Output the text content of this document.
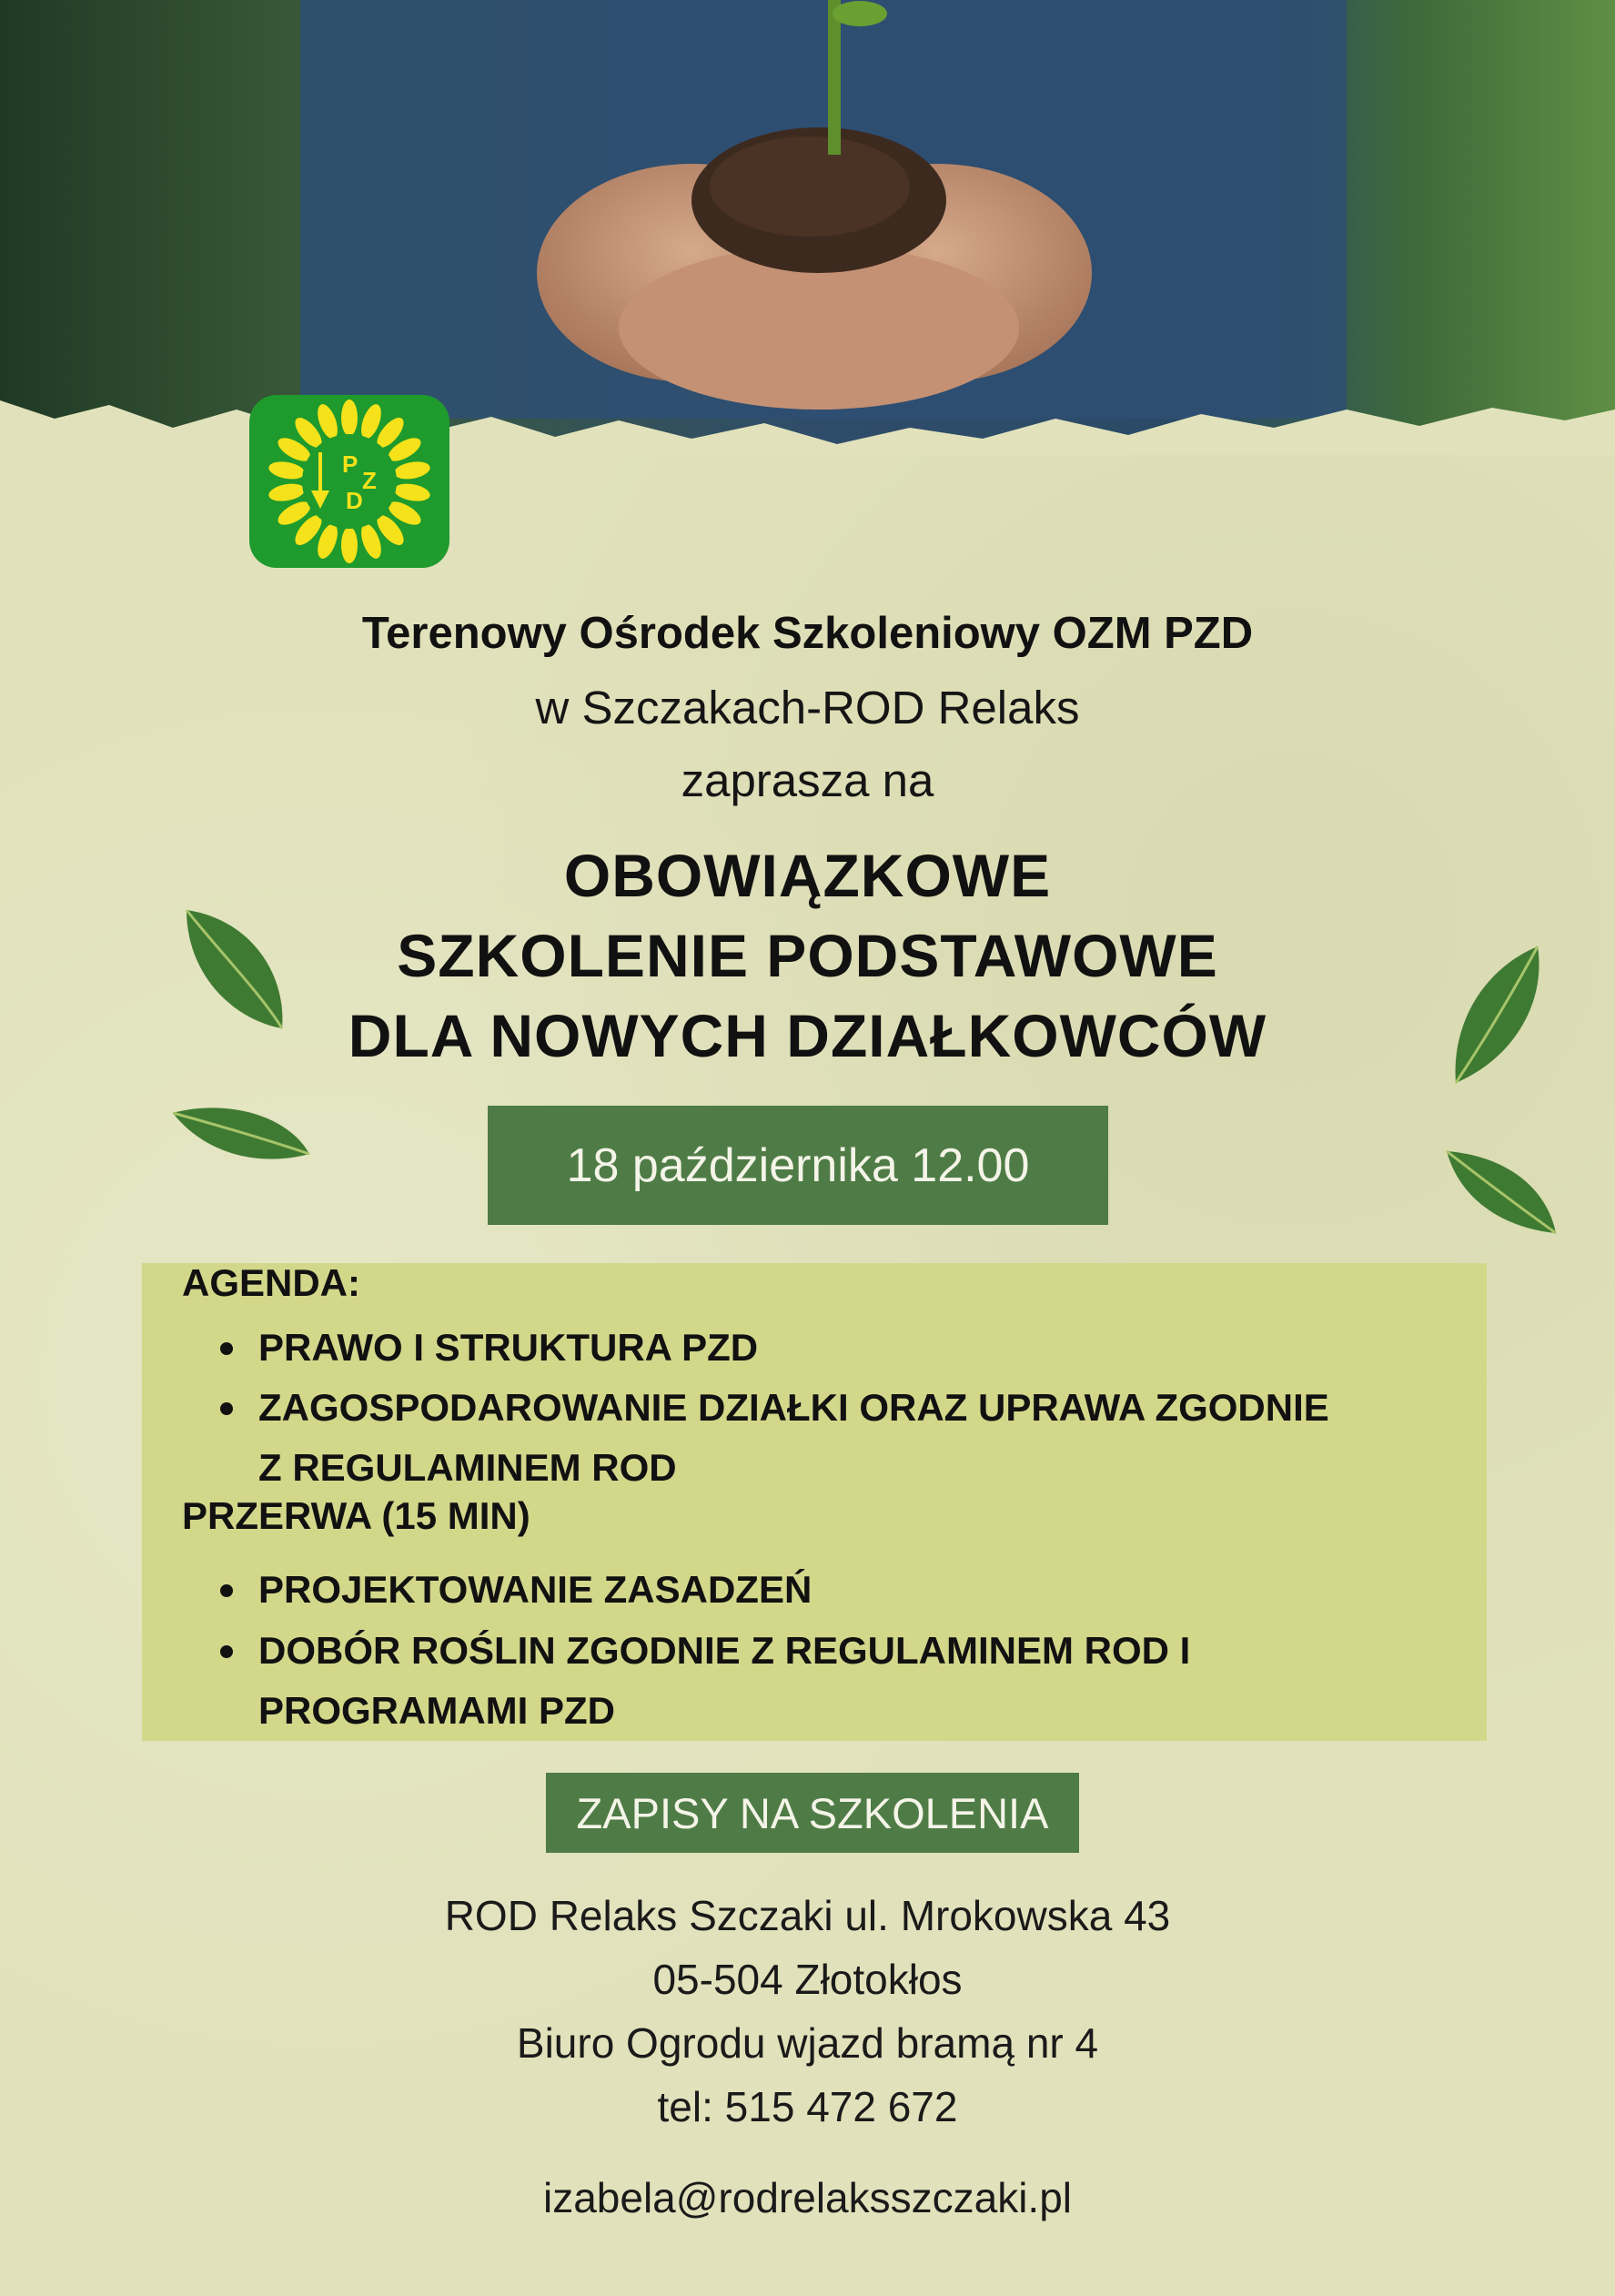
P
Z
D
Terenowy Ośrodek Szkoleniowy OZM PZD
w Szczakach-ROD Relaks
zaprasza na
OBOWIĄZKOWE
SZKOLENIE PODSTAWOWE
DLA NOWYCH DZIAŁKOWCÓW
18 października 12.00
AGENDA:
PRAWO I STRUKTURA PZD
ZAGOSPODAROWANIE DZIAŁKI ORAZ UPRAWA ZGODNIE
Z REGULAMINEM ROD
PRZERWA (15 MIN)
PROJEKTOWANIE ZASADZEŃ
DOBÓR ROŚLIN ZGODNIE Z REGULAMINEM ROD I
PROGRAMAMI PZD
ZAPISY NA SZKOLENIA
ROD Relaks Szczaki ul. Mrokowska 43
05-504 Złotokłos
Biuro Ogrodu wjazd bramą nr 4
tel: 515 472 672
izabela@rodrelaksszczaki.pl
